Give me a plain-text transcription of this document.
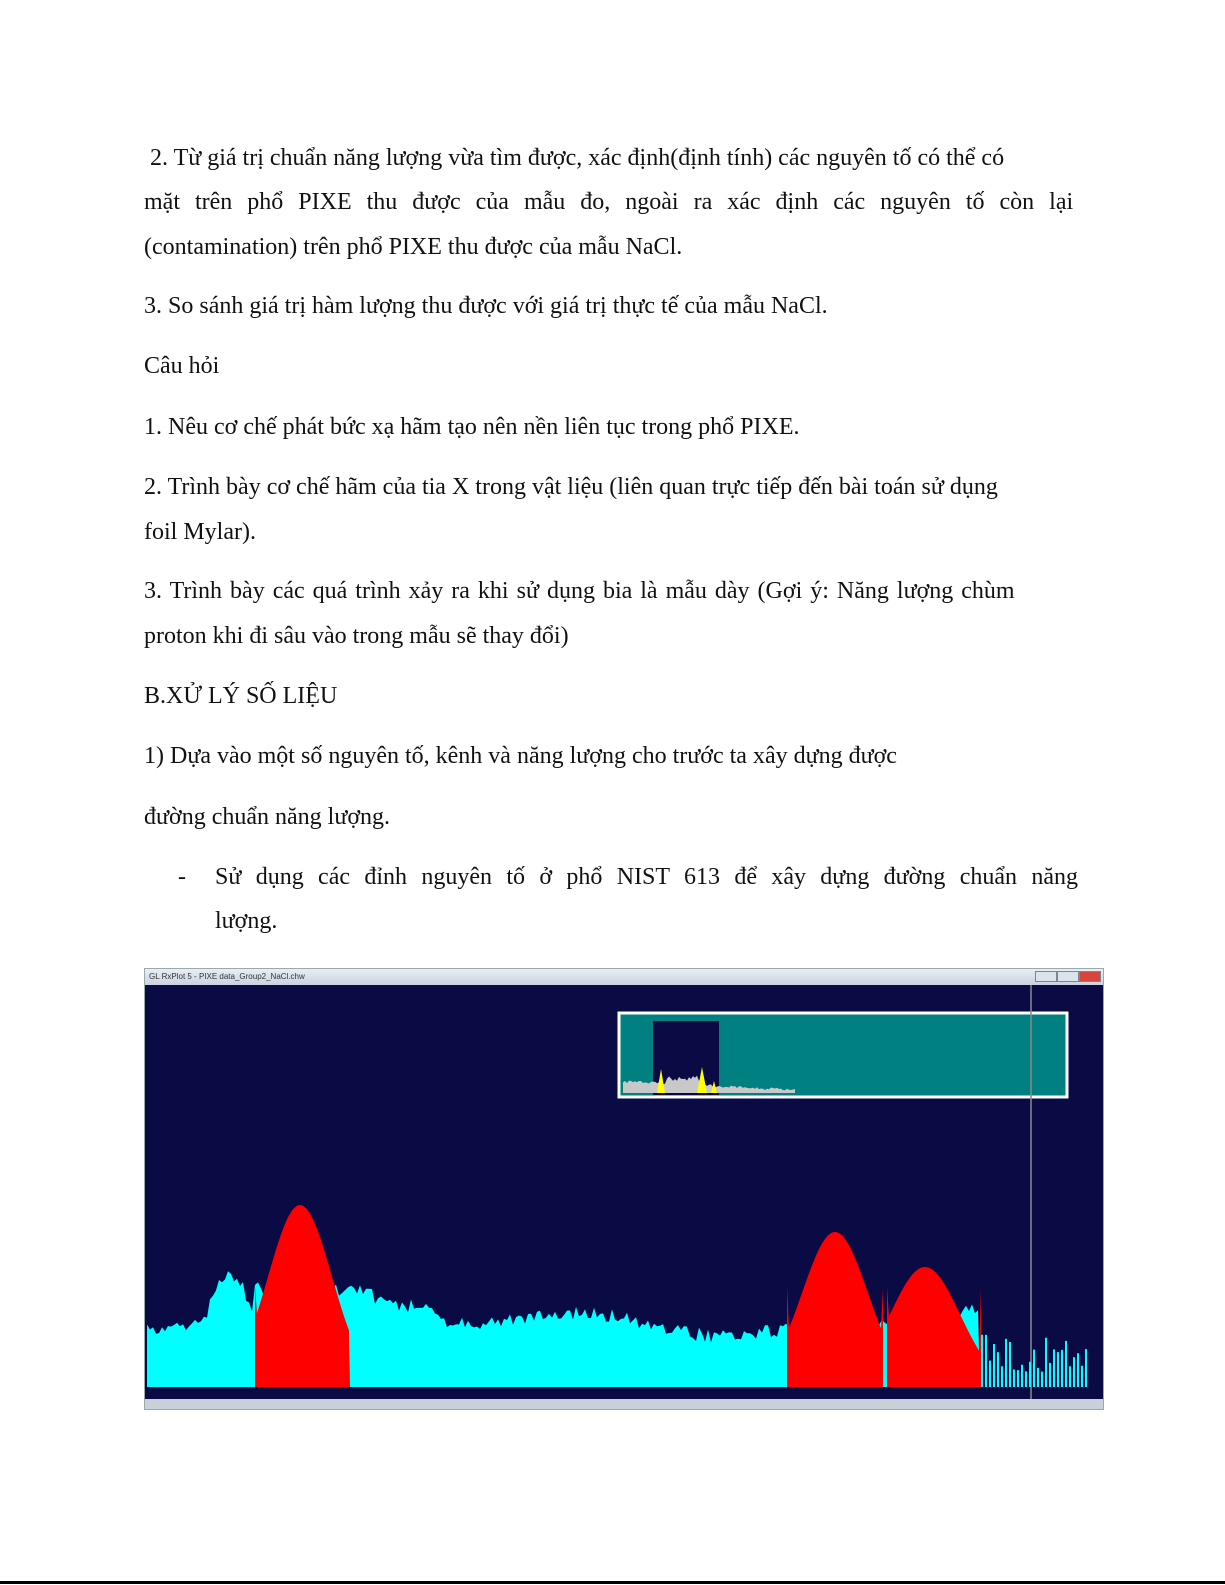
2. Từ giá trị chuẩn năng lượng vừa tìm được, xác định(định tính) các nguyên tố có thể có

mặt trên phổ PIXE thu được của mẫu đo, ngoài ra xác định các nguyên tố còn lại

(contamination) trên phổ PIXE thu được của mẫu NaCl.

3. So sánh giá trị hàm lượng thu được với giá trị thực tế của mẫu NaCl.

Câu hỏi

1. Nêu cơ chế phát bức xạ hãm tạo nên nền liên tục trong phổ PIXE.

2. Trình bày cơ chế hãm của tia X trong vật liệu (liên quan trực tiếp đến bài toán sử dụng

foil Mylar).

3. Trình bày các quá trình xảy ra khi sử dụng bia là mẫu dày (Gợi ý: Năng lượng chùm

proton khi đi sâu vào trong mẫu sẽ thay đổi)

B.XỬ LÝ SỐ LIỆU

1) Dựa vào một số nguyên tố, kênh và năng lượng cho trước ta xây dựng được

đường chuẩn năng lượng.

- Sử dụng các đỉnh nguyên tố ở phổ NIST 613 để xây dựng đường chuẩn năng

lượng.

GL RxPlot 5 - PIXE data_Group2_NaCl.chw
